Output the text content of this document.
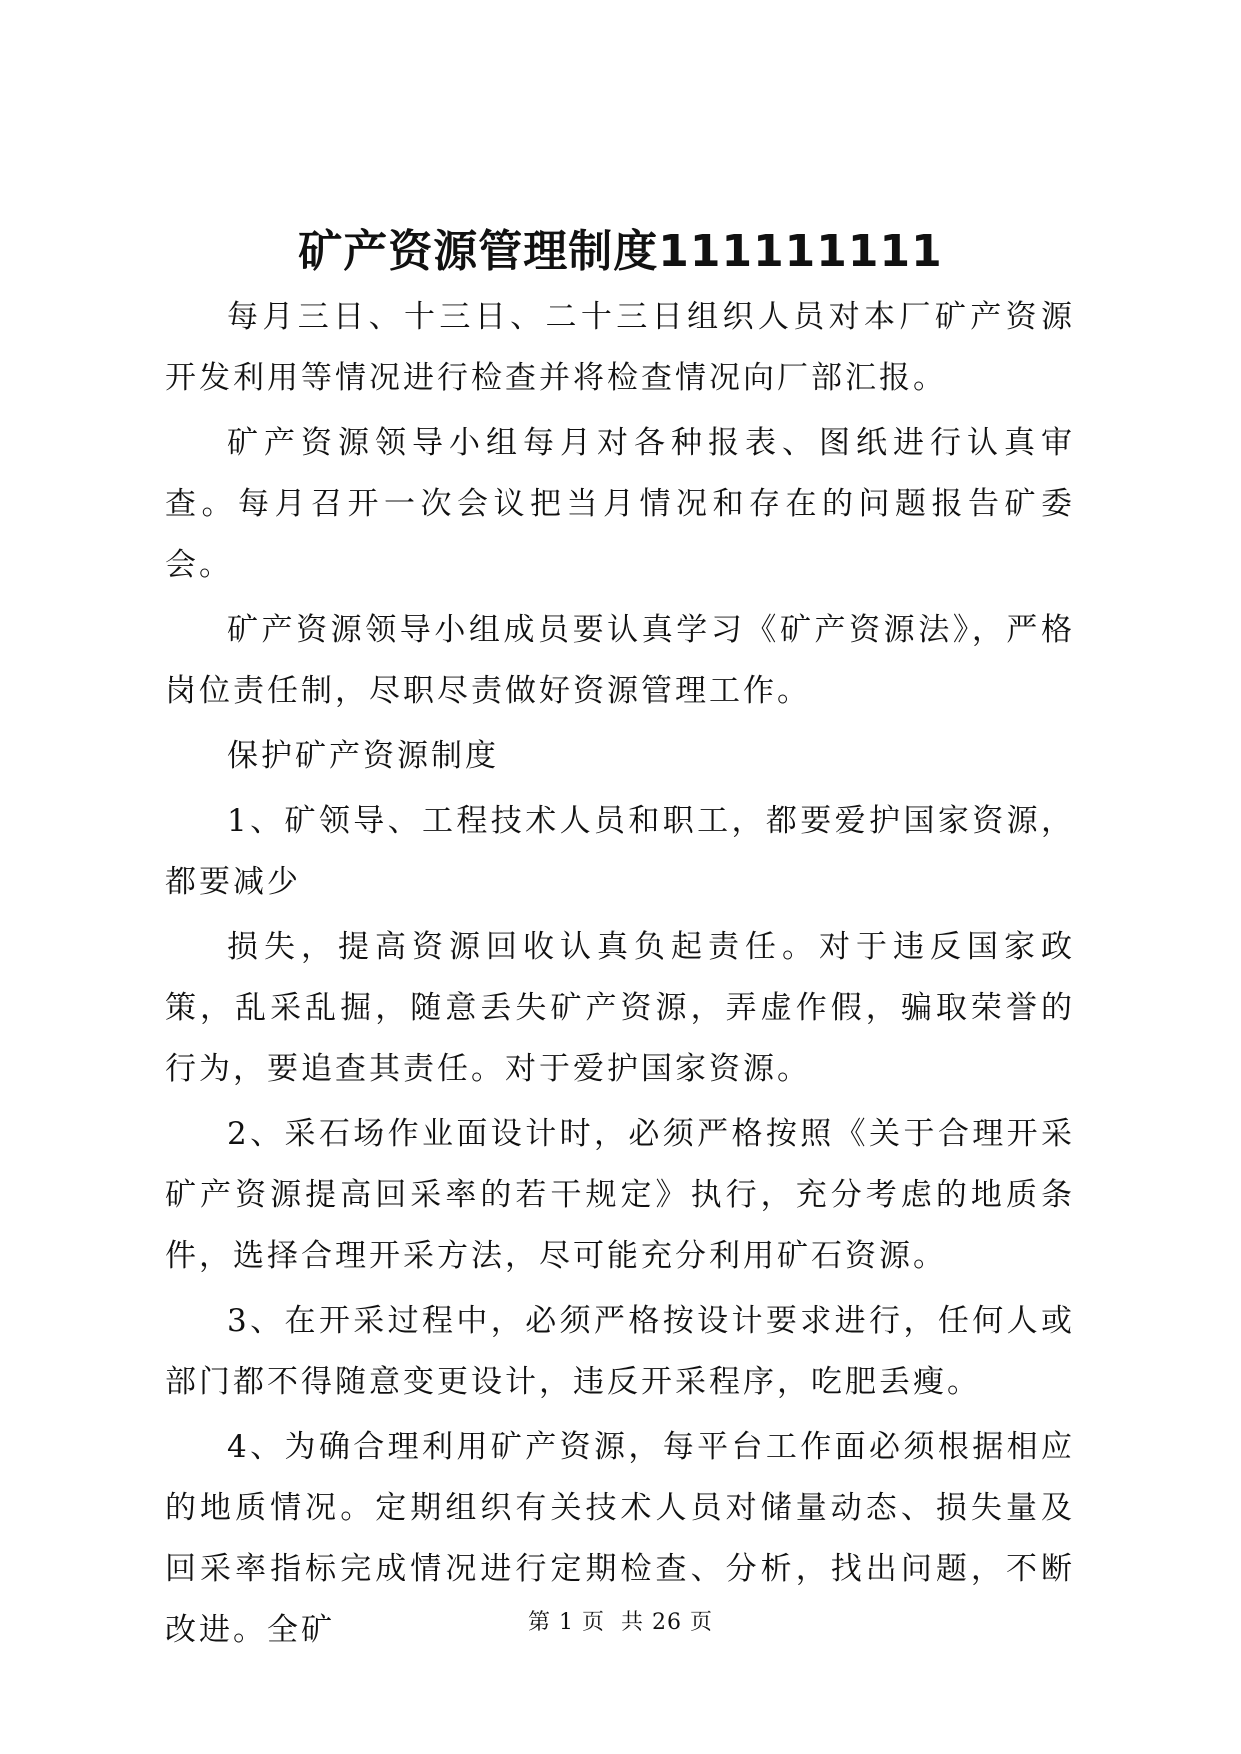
矿产资源管理制度111111111

每月三日、十三日、二十三日组织人员对本厂矿产资源开发利用等情况进行检查并将检查情况向厂部汇报。

矿产资源领导小组每月对各种报表、图纸进行认真审查。每月召开一次会议把当月情况和存在的问题报告矿委会。

矿产资源领导小组成员要认真学习《矿产资源法》，严格岗位责任制，尽职尽责做好资源管理工作。

保护矿产资源制度

1、矿领导、工程技术人员和职工，都要爱护国家资源，都要减少

损失，提高资源回收认真负起责任。对于违反国家政策，乱采乱掘，随意丢失矿产资源，弄虚作假，骗取荣誉的行为，要追查其责任。对于爱护国家资源。

2、采石场作业面设计时，必须严格按照《关于合理开采矿产资源提高回采率的若干规定》执行，充分考虑的地质条件，选择合理开采方法，尽可能充分利用矿石资源。

3、在开采过程中，必须严格按设计要求进行，任何人或部门都不得随意变更设计，违反开采程序，吃肥丢瘦。

4、为确合理利用矿产资源，每平台工作面必须根据相应的地质情况。定期组织有关技术人员对储量动态、损失量及回采率指标完成情况进行定期检查、分析，找出问题，不断改进。全矿	第 1 页  共 26 页
